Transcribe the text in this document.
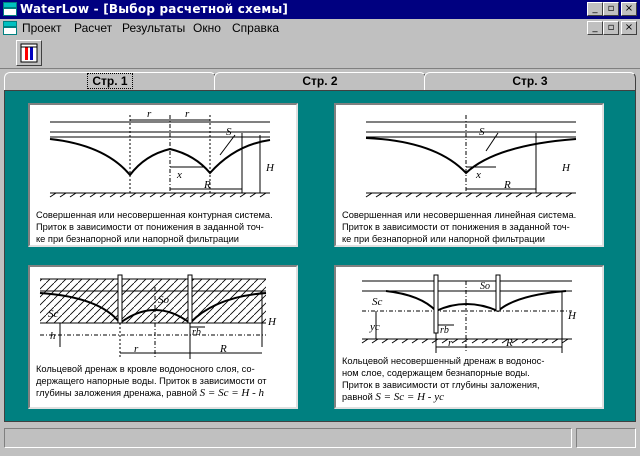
WaterLow - [Выбор расчетной схемы]	_	▫	×
Проект Расчет Результаты Окно Справка	_	▫	×
Стр. 1	Стр. 2	Стр. 3
r	r
S
x
R
H
Совершенная или несовершенная контурная система.
Приток в зависимости от понижения в заданной точ-
ке при безнапорной или напорной фильтрации
S
x
R
H
Совершенная или несовершенная линейная система.
Приток в зависимости от понижения в заданной точ-
ке при безнапорной или напорной фильтрации
Sc
So
h	rb
r	R
H
Кольцевой дренаж в кровле водоносного слоя, со-
держащего напорные воды. Приток в зависимости от
глубины заложения дренажа, равной S = Sc = H - h
So
Sc
yc	rb
r	R
H
Кольцевой несовершенный дренаж в водонос-
ном слое, содержащем безнапорные воды.
Приток в зависимости от глубины заложения,
равной S = Sc = H - yc
